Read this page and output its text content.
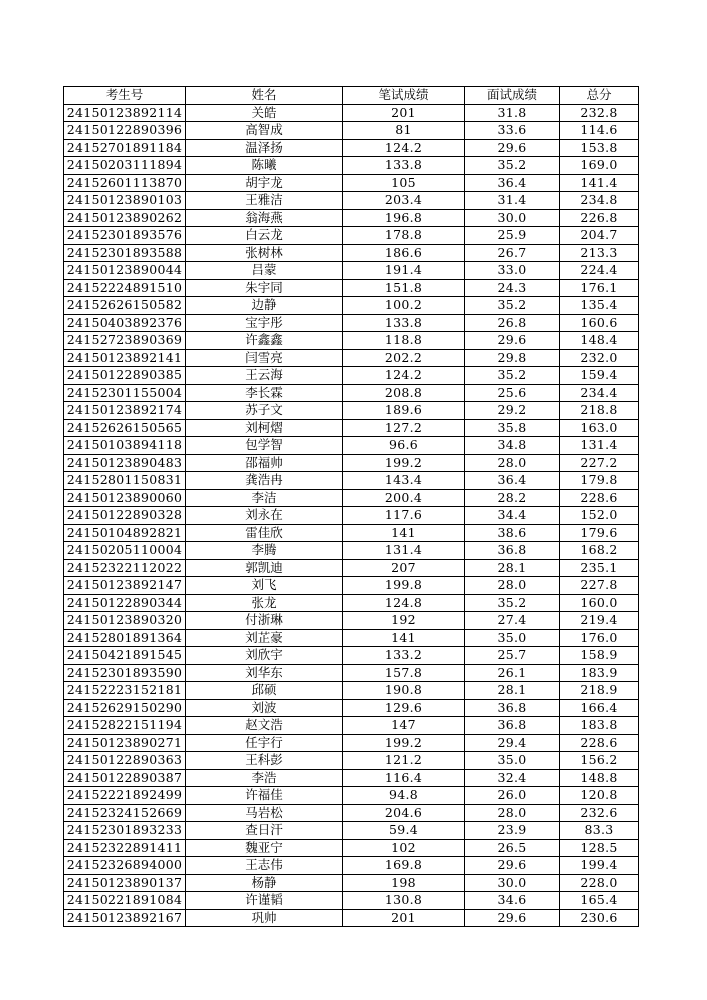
考生号	姓名	笔试成绩	面试成绩	总分
24150123892114	关皓	201	31.8	232.8
24150122890396	高智成	81	33.6	114.6
24152701891184	温泽扬	124.2	29.6	153.8
24150203111894	陈曦	133.8	35.2	169.0
24152601113870	胡宇龙	105	36.4	141.4
24150123890103	王雅洁	203.4	31.4	234.8
24150123890262	翁海燕	196.8	30.0	226.8
24152301893576	白云龙	178.8	25.9	204.7
24152301893588	张树林	186.6	26.7	213.3
24150123890044	吕蒙	191.4	33.0	224.4
24152224891510	朱宇同	151.8	24.3	176.1
24152626150582	边静	100.2	35.2	135.4
24150403892376	宝宇彤	133.8	26.8	160.6
24152723890369	许鑫鑫	118.8	29.6	148.4
24150123892141	闫雪亮	202.2	29.8	232.0
24150122890385	王云海	124.2	35.2	159.4
24152301155004	李长霖	208.8	25.6	234.4
24150123892174	苏子文	189.6	29.2	218.8
24152626150565	刘柯熠	127.2	35.8	163.0
24150103894118	包学智	96.6	34.8	131.4
24150123890483	邵福帅	199.2	28.0	227.2
24152801150831	龚浩冉	143.4	36.4	179.8
24150123890060	李洁	200.4	28.2	228.6
24150122890328	刘永在	117.6	34.4	152.0
24150104892821	雷佳欣	141	38.6	179.6
24150205110004	李腾	131.4	36.8	168.2
24152322112022	郭凯迪	207	28.1	235.1
24150123892147	刘飞	199.8	28.0	227.8
24150122890344	张龙	124.8	35.2	160.0
24150123890320	付浙琳	192	27.4	219.4
24152801891364	刘芷豪	141	35.0	176.0
24150421891545	刘欣宇	133.2	25.7	158.9
24152301893590	刘华东	157.8	26.1	183.9
24152223152181	邱硕	190.8	28.1	218.9
24152629150290	刘波	129.6	36.8	166.4
24152822151194	赵文浩	147	36.8	183.8
24150123890271	任宇行	199.2	29.4	228.6
24150122890363	王科彭	121.2	35.0	156.2
24150122890387	李浩	116.4	32.4	148.8
24152221892499	许福佳	94.8	26.0	120.8
24152324152669	马岩松	204.6	28.0	232.6
24152301893233	查日汗	59.4	23.9	83.3
24152322891411	魏亚宁	102	26.5	128.5
24152326894000	王志伟	169.8	29.6	199.4
24150123890137	杨静	198	30.0	228.0
24150221891084	许谨韬	130.8	34.6	165.4
24150123892167	巩帅	201	29.6	230.6
